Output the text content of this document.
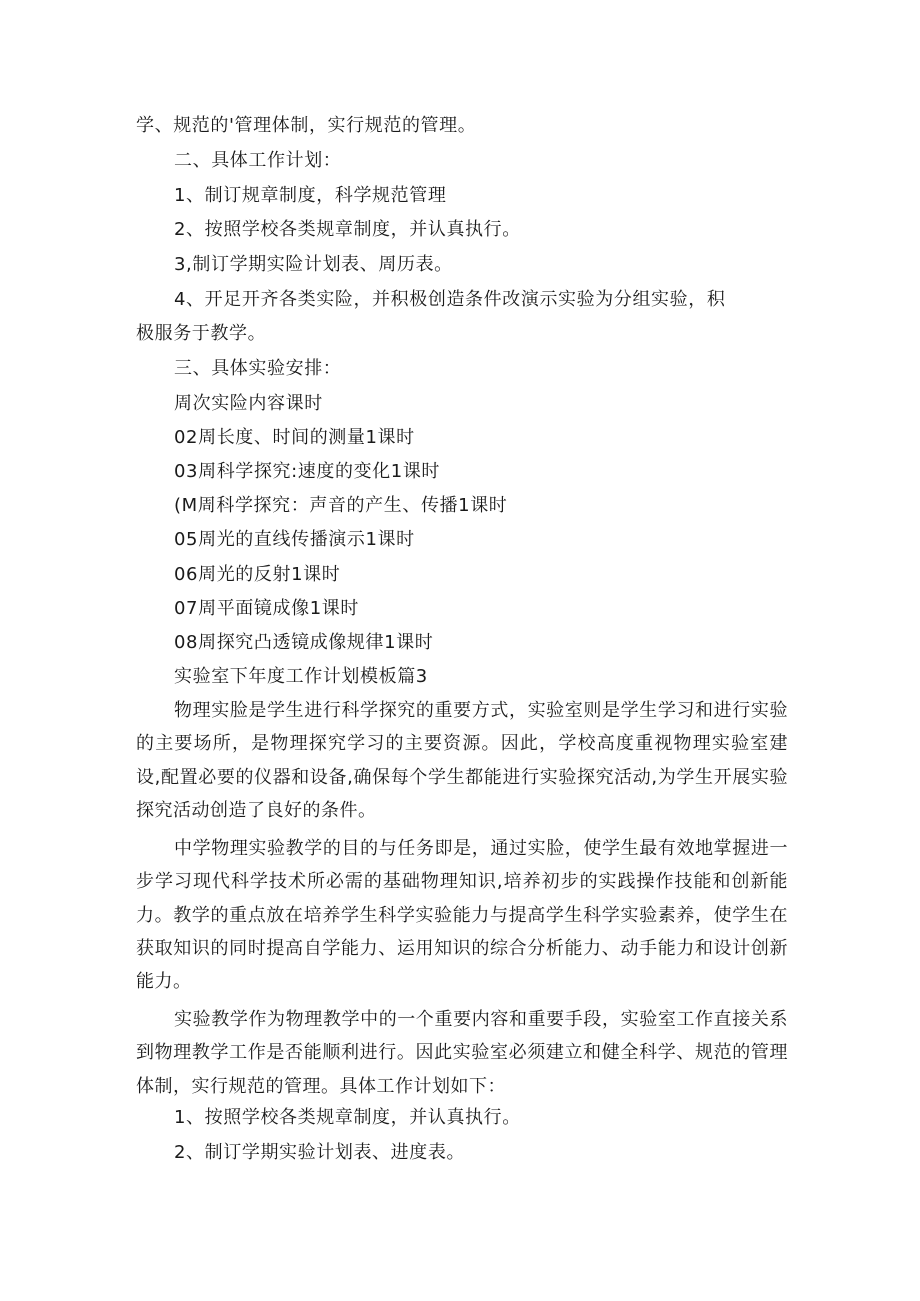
学、规范的'管理体制，实行规范的管理。
二、具体工作计划：
1、制订规章制度，科学规范管理
2、按照学校各类规章制度，并认真执行。
3,制订学期实险计划表、周历表。
4、开足开齐各类实险，并积极创造条件改演示实验为分组实验，积
极服务于教学。
三、具体实验安排：
周次实险内容课时
02周长度、时间的测量1课时
03周科学探究:速度的变化1课时
(M周科学探究：声音的产生、传播1课时
05周光的直线传播演示1课时
06周光的反射1课时
07周平面镜成像1课时
08周探究凸透镜成像规律1课时
实验室下年度工作计划模板篇3
物理实脸是学生进行科学探究的重要方式，实验室则是学生学习和进行实验的主要场所，是物理探究学习的主要资源。因此，学校高度重视物理实验室建设,配置必要的仪器和设备,确保每个学生都能进行实验探究活动,为学生开展实验探究活动创造了良好的条件。
中学物理实验教学的目的与任务即是，通过实脸，使学生最有效地掌握进一步学习现代科学技术所必需的基础物理知识,培养初步的实践操作技能和创新能力。教学的重点放在培养学生科学实验能力与提高学生科学实验素养，使学生在获取知识的同时提高自学能力、运用知识的综合分析能力、动手能力和设计创新能力。
实验教学作为物理教学中的一个重要内容和重要手段，实验室工作直接关系到物理教学工作是否能顺利进行。因此实验室必须建立和健全科学、规范的管理体制，实行规范的管理。具体工作计划如下：
1、按照学校各类规章制度，并认真执行。
2、制订学期实验计划表、进度表。
